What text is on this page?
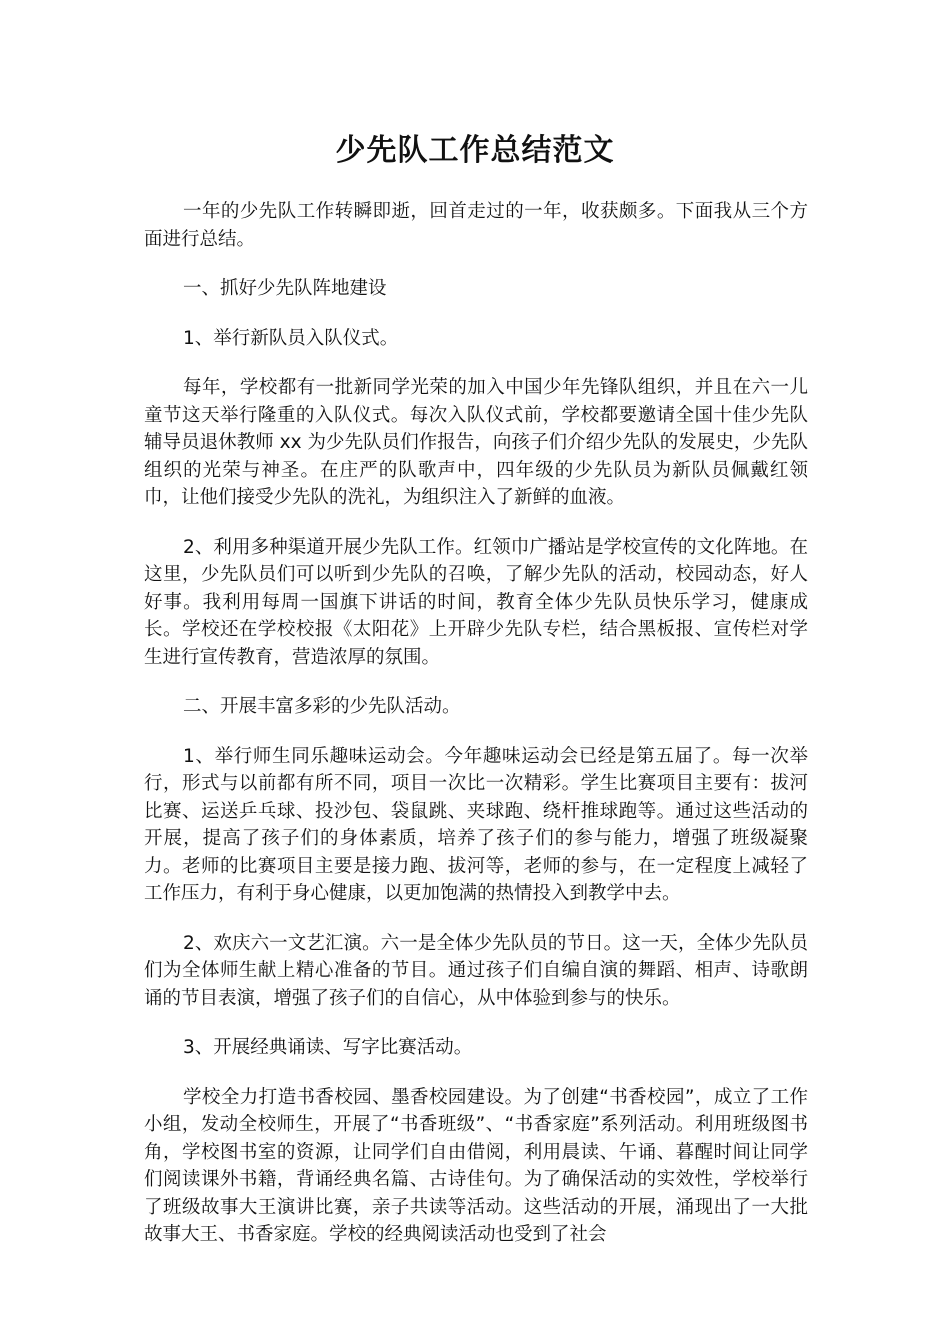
少先队工作总结范文

一年的少先队工作转瞬即逝，回首走过的一年，收获颇多。下面我从三个方面进行总结。

一、抓好少先队阵地建设

1、举行新队员入队仪式。

每年，学校都有一批新同学光荣的加入中国少年先锋队组织，并且在六一儿童节这天举行隆重的入队仪式。每次入队仪式前，学校都要邀请全国十佳少先队辅导员退休教师 xx 为少先队员们作报告，向孩子们介绍少先队的发展史，少先队组织的光荣与神圣。在庄严的队歌声中，四年级的少先队员为新队员佩戴红领巾，让他们接受少先队的洗礼，为组织注入了新鲜的血液。

2、利用多种渠道开展少先队工作。红领巾广播站是学校宣传的文化阵地。在这里，少先队员们可以听到少先队的召唤，了解少先队的活动，校园动态，好人好事。我利用每周一国旗下讲话的时间，教育全体少先队员快乐学习，健康成长。学校还在学校校报《太阳花》上开辟少先队专栏，结合黑板报、宣传栏对学生进行宣传教育，营造浓厚的氛围。

二、开展丰富多彩的少先队活动。

1、举行师生同乐趣味运动会。今年趣味运动会已经是第五届了。每一次举行，形式与以前都有所不同，项目一次比一次精彩。学生比赛项目主要有：拔河比赛、运送乒乓球、投沙包、袋鼠跳、夹球跑、绕杆推球跑等。通过这些活动的开展，提高了孩子们的身体素质，培养了孩子们的参与能力，增强了班级凝聚力。老师的比赛项目主要是接力跑、拔河等，老师的参与，在一定程度上减轻了工作压力，有利于身心健康，以更加饱满的热情投入到教学中去。

2、欢庆六一文艺汇演。六一是全体少先队员的节日。这一天，全体少先队员们为全体师生献上精心准备的节目。通过孩子们自编自演的舞蹈、相声、诗歌朗诵的节目表演，增强了孩子们的自信心，从中体验到参与的快乐。

3、开展经典诵读、写字比赛活动。

学校全力打造书香校园、墨香校园建设。为了创建“书香校园”，成立了工作小组，发动全校师生，开展了“书香班级”、“书香家庭”系列活动。利用班级图书角，学校图书室的资源，让同学们自由借阅，利用晨读、午诵、暮醒时间让同学们阅读课外书籍，背诵经典名篇、古诗佳句。为了确保活动的实效性，学校举行了班级故事大王演讲比赛，亲子共读等活动。这些活动的开展，涌现出了一大批故事大王、书香家庭。学校的经典阅读活动也受到了社会
